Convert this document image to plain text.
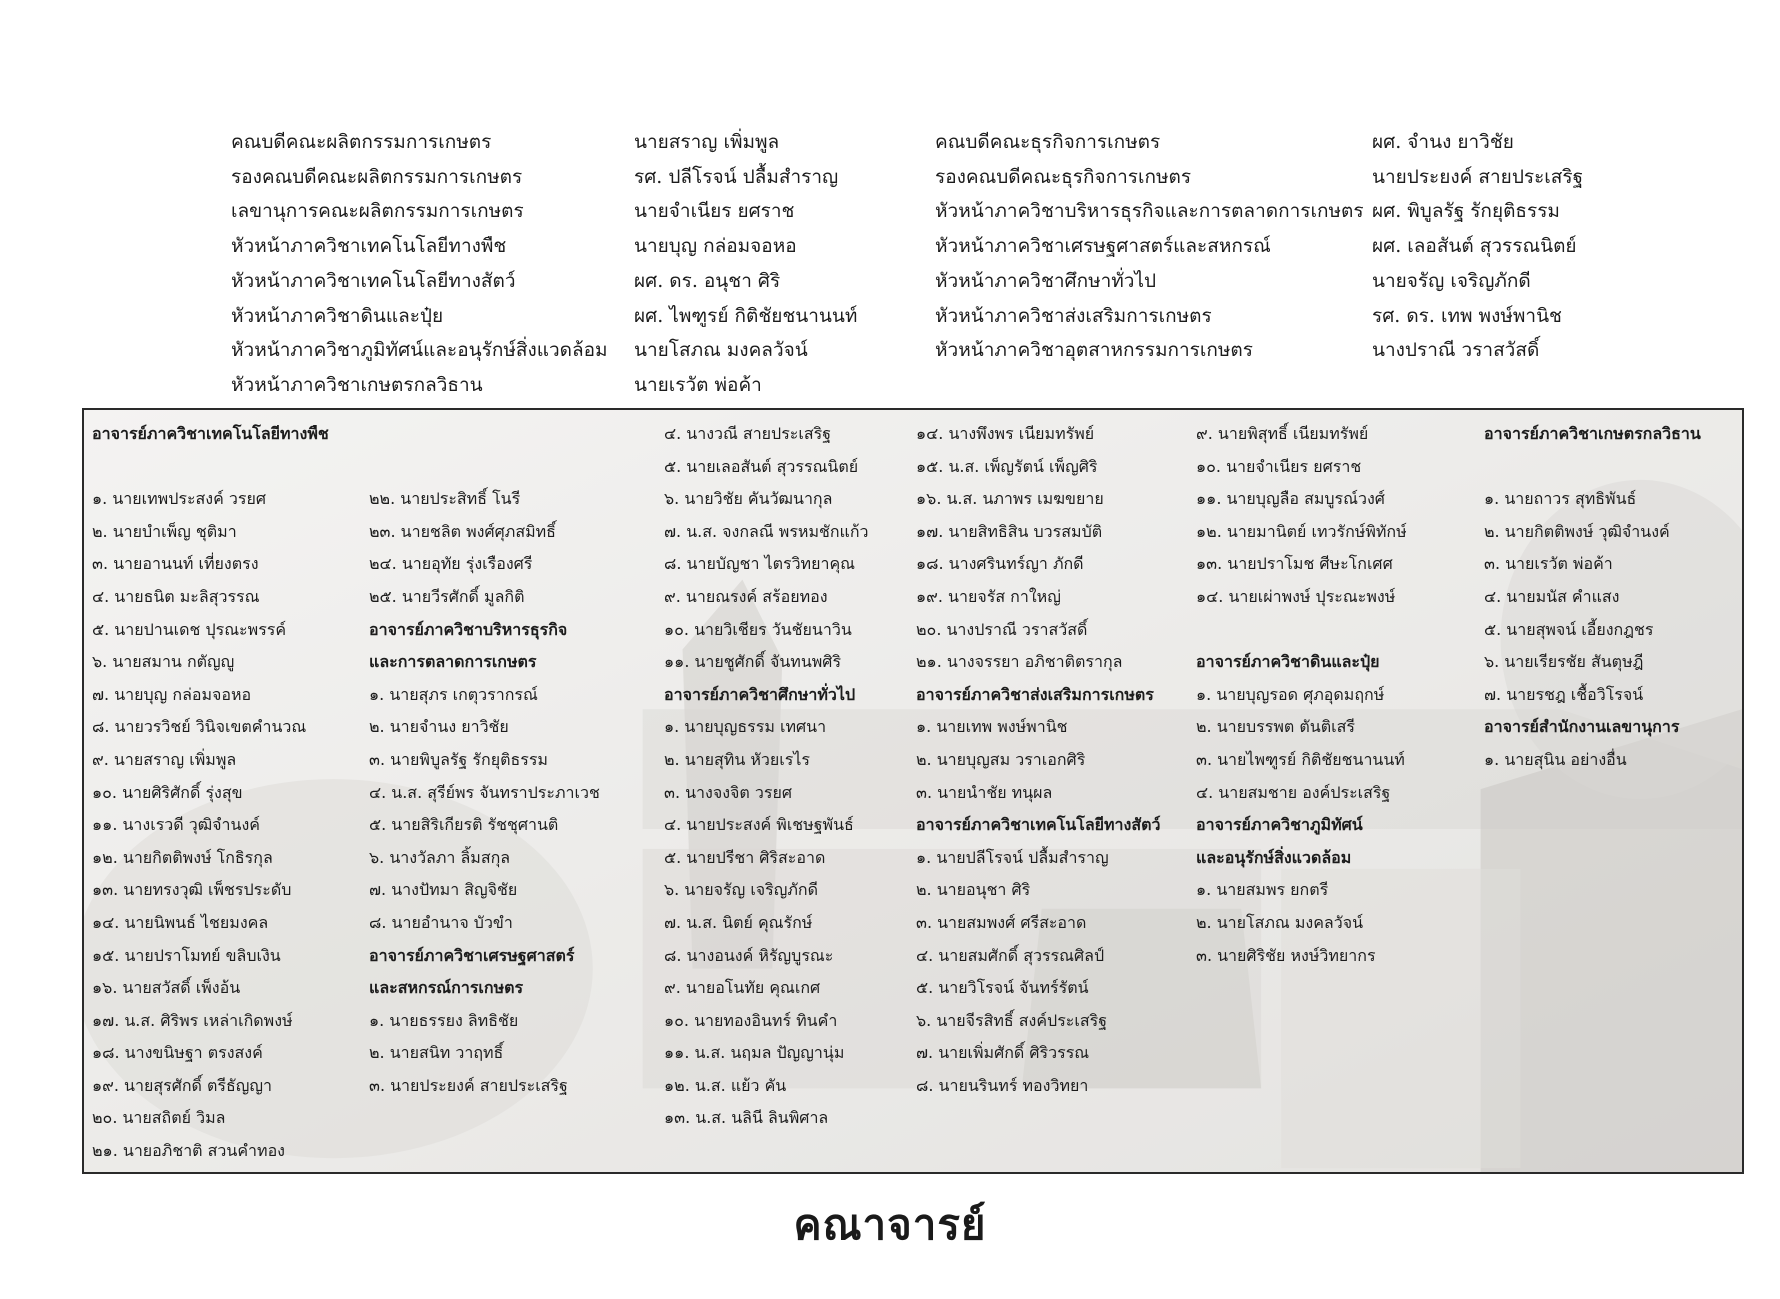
คณบดีคณะผลิตกรรมการเกษตร
รองคณบดีคณะผลิตกรรมการเกษตร
เลขานุการคณะผลิตกรรมการเกษตร
หัวหน้าภาควิชาเทคโนโลยีทางพืช
หัวหน้าภาควิชาเทคโนโลยีทางสัตว์
หัวหน้าภาควิชาดินและปุ๋ย
หัวหน้าภาควิชาภูมิทัศน์และอนุรักษ์สิ่งแวดล้อม
หัวหน้าภาควิชาเกษตรกลวิธาน
นายสราญ เพิ่มพูล
รศ. ปลีโรจน์ ปลื้มสำราญ
นายจำเนียร ยศราช
นายบุญ กล่อมจอหอ
ผศ. ดร. อนุชา ศิริ
ผศ. ไพฑูรย์ กิติชัยชนานนท์
นายโสภณ มงคลวัจน์
นายเรวัต พ่อค้า
คณบดีคณะธุรกิจการเกษตร
รองคณบดีคณะธุรกิจการเกษตร
หัวหน้าภาควิชาบริหารธุรกิจและการตลาดการเกษตร
หัวหน้าภาควิชาเศรษฐศาสตร์และสหกรณ์
หัวหน้าภาควิชาศึกษาทั่วไป
หัวหน้าภาควิชาส่งเสริมการเกษตร
หัวหน้าภาควิชาอุตสาหกรรมการเกษตร
ผศ. จำนง ยาวิชัย
นายประยงค์ สายประเสริฐ
ผศ. พิบูลรัฐ รักยุติธรรม
ผศ. เลอสันต์ สุวรรณนิตย์
นายจรัญ เจริญภักดี
รศ. ดร. เทพ พงษ์พานิช
นางปราณี วราสวัสดิ์
อาจารย์ภาควิชาเทคโนโลยีทางพืช

๑. นายเทพประสงค์ วรยศ
๒. นายบำเพ็ญ ชุติมา
๓. นายอานนท์ เที่ยงตรง
๔. นายธนิต มะลิสุวรรณ
๕. นายปานเดช ปุรณะพรรค์
๖. นายสมาน กตัญญู
๗. นายบุญ กล่อมจอหอ
๘. นายวรวิชย์ วินิจเขตคำนวณ
๙. นายสราญ เพิ่มพูล
๑๐. นายศิริศักดิ์ รุ่งสุข
๑๑. นางเรวดี วุฒิจำนงค์
๑๒. นายกิตติพงษ์ โกธิรกุล
๑๓. นายทรงวุฒิ เพ็ชรประดับ
๑๔. นายนิพนธ์ ไชยมงคล
๑๕. นายปราโมทย์ ขลิบเงิน
๑๖. นายสวัสดิ์ เพ็งอ้น
๑๗. น.ส. ศิริพร เหล่าเกิดพงษ์
๑๘. นางขนิษฐา ตรงสงค์
๑๙. นายสุรศักดิ์ ตรีธัญญา
๒๐. นายสถิตย์ วิมล
๒๑. นายอภิชาติ สวนคำทอง

๒๒. นายประสิทธิ์ โนรี
๒๓. นายชลิต พงศ์ศุภสมิทธิ์
๒๔. นายอุทัย รุ่งเรืองศรี
๒๕. นายวีรศักดิ์ มูลกิติ
อาจารย์ภาควิชาบริหารธุรกิจ
และการตลาดการเกษตร
๑. นายสุภร เกตุวรากรณ์
๒. นายจำนง ยาวิชัย
๓. นายพิบูลรัฐ รักยุติธรรม
๔. น.ส. สุรีย์พร จันทราประภาเวช
๕. นายสิริเกียรติ รัชชุศานติ
๖. นางวัลภา ลิ้มสกุล
๗. นางปัทมา สิญจิชัย
๘. นายอำนาจ บัวขำ
อาจารย์ภาควิชาเศรษฐศาสตร์
และสหกรณ์การเกษตร
๑. นายธรรยง ลิทธิชัย
๒. นายสนิท วาฤทธิ์
๓. นายประยงค์ สายประเสริฐ
๔. นางวณี สายประเสริฐ
๕. นายเลอสันต์ สุวรรณนิตย์
๖. นายวิชัย คันวัฒนากุล
๗. น.ส. จงกลณี พรหมชักแก้ว
๘. นายบัญชา ไตรวิทยาคุณ
๙. นายณรงค์ สร้อยทอง
๑๐. นายวิเชียร วันชัยนาวิน
๑๑. นายชูศักดิ์ จันทนพศิริ
อาจารย์ภาควิชาศึกษาทั่วไป
๑. นายบุญธรรม เทศนา
๒. นายสุทิน หัวยเรไร
๓. นางจงจิต วรยศ
๔. นายประสงค์ พิเชษฐพันธ์
๕. นายปรีชา ศิริสะอาด
๖. นายจรัญ เจริญภักดี
๗. น.ส. นิตย์ คุณรักษ์
๘. นางอนงค์ หิรัญบูรณะ
๙. นายอโนทัย คุณเกศ
๑๐. นายทองอินทร์ ทินคำ
๑๑. น.ส. นฤมล ปัญญานุ่ม
๑๒. น.ส. แย้ว คัน
๑๓. น.ส. นลินี ลินพิศาล
๑๔. นางพึงพร เนียมทรัพย์
๑๕. น.ส. เพ็ญรัตน์ เพ็ญศิริ
๑๖. น.ส. นภาพร เมฆขยาย
๑๗. นายสิทธิสิน บวรสมบัติ
๑๘. นางศรินทร์ญา ภักดี
๑๙. นายจรัส กาใหญ่
๒๐. นางปราณี วราสวัสดิ์
๒๑. นางจรรยา อภิชาติตรากุล
อาจารย์ภาควิชาส่งเสริมการเกษตร
๑. นายเทพ พงษ์พานิช
๒. นายบุญสม วราเอกศิริ
๓. นายนำชัย ทนุผล
อาจารย์ภาควิชาเทคโนโลยีทางสัตว์
๑. นายปลีโรจน์ ปลื้มสำราญ
๒. นายอนุชา ศิริ
๓. นายสมพงศ์ ศรีสะอาด
๔. นายสมศักดิ์ สุวรรณศิลป์
๕. นายวิโรจน์ จันทร์รัตน์
๖. นายจีรสิทธิ์ สงค์ประเสริฐ
๗. นายเพิ่มศักดิ์ ศิริวรรณ
๘. นายนรินทร์ ทองวิทยา
๙. นายพิสุทธิ์ เนียมทรัพย์
๑๐. นายจำเนียร ยศราช
๑๑. นายบุญลือ สมบูรณ์วงศ์
๑๒. นายมานิตย์ เทวรักษ์พิทักษ์
๑๓. นายปราโมช ศีษะโกเศศ
๑๔. นายเผ่าพงษ์ ปุระณะพงษ์

อาจารย์ภาควิชาดินและปุ๋ย
๑. นายบุญรอด ศุภอุดมฤกษ์
๒. นายบรรพต ตันติเสรี
๓. นายไพฑูรย์ กิติชัยชนานนท์
๔. นายสมชาย องค์ประเสริฐ
อาจารย์ภาควิชาภูมิทัศน์
และอนุรักษ์สิ่งแวดล้อม
๑. นายสมพร ยกตรี
๒. นายโสภณ มงคลวัจน์
๓. นายศิริชัย หงษ์วิทยากร
อาจารย์ภาควิชาเกษตรกลวิธาน

๑. นายถาวร สุทธิพันธ์
๒. นายกิตติพงษ์ วุฒิจำนงค์
๓. นายเรวัต พ่อค้า
๔. นายมนัส คำแสง
๕. นายสุพจน์ เอี้ยงกฎชร
๖. นายเรียรชัย สันตุษฎี
๗. นายรชฎ เชื้อวิโรจน์
อาจารย์สำนักงานเลขานุการ
๑. นายสุนิน อย่างอื่น
คณาจารย์
